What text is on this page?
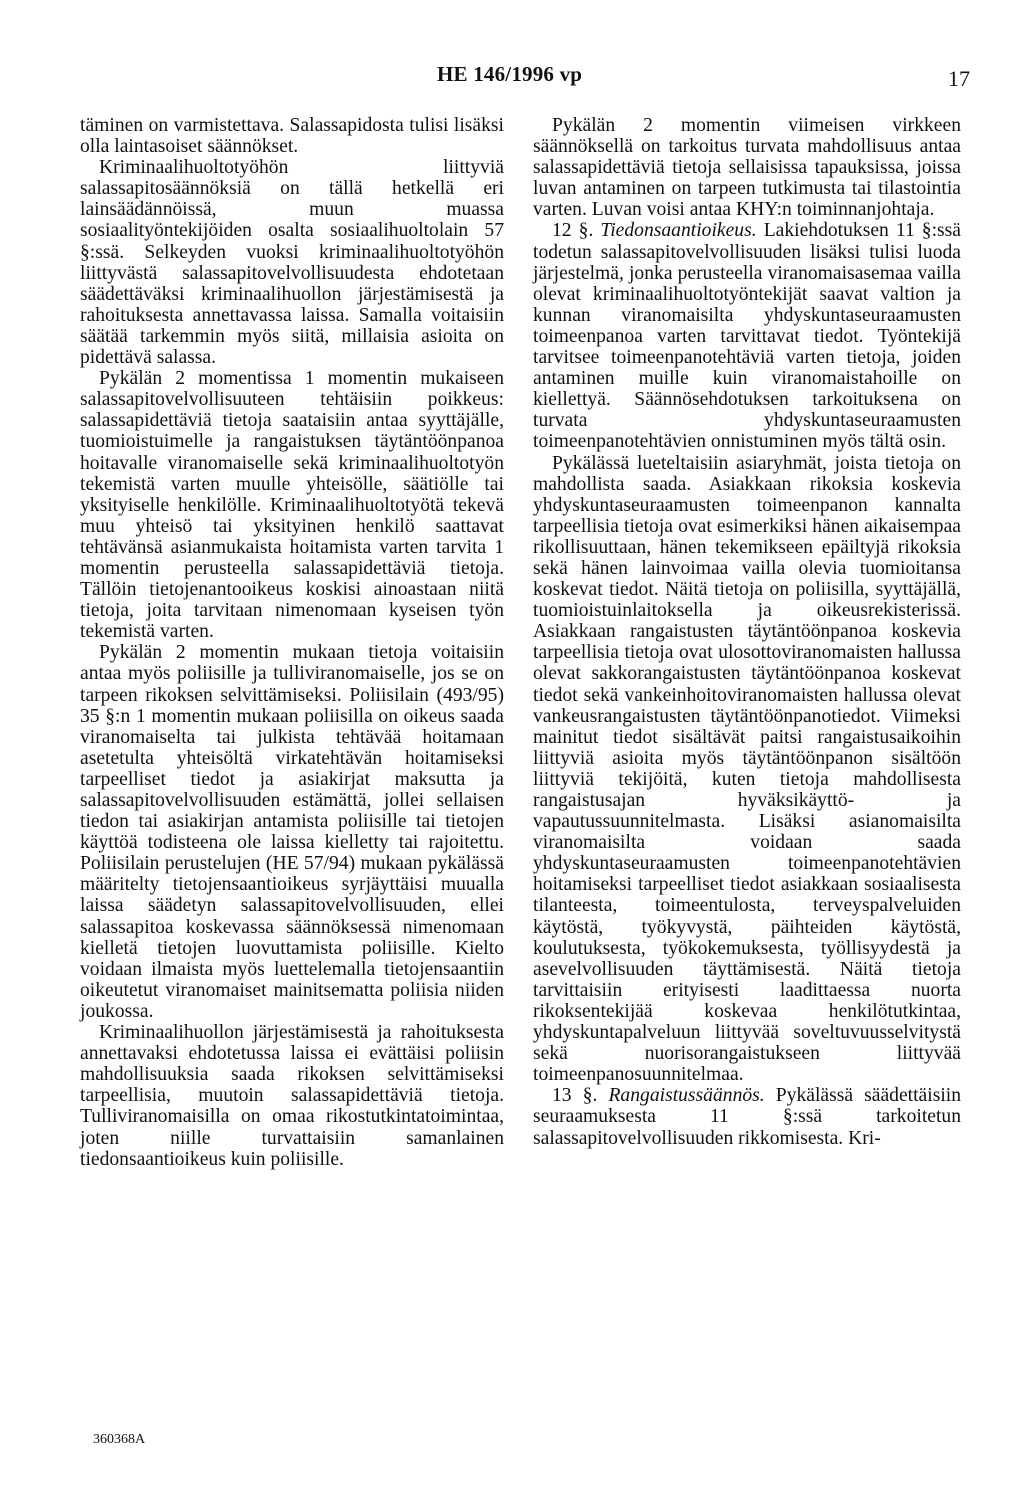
HE 146/1996 vp	17

täminen on varmistettava. Salassapidosta tulisi lisäksi olla laintasoiset säännökset.

Kriminaalihuoltotyöhön liittyviä salassapitosäännöksiä on tällä hetkellä eri lainsäädännöissä, muun muassa sosiaalityöntekijöiden osalta sosiaalihuoltolain 57 §:ssä. Selkeyden vuoksi kriminaalihuoltotyöhön liittyvästä salassapitovelvollisuudesta ehdotetaan säädettäväksi kriminaalihuollon järjestämisestä ja rahoituksesta annettavassa laissa. Samalla voitaisiin säätää tarkemmin myös siitä, millaisia asioita on pidettävä salassa.

Pykälän 2 momentissa 1 momentin mukaiseen salassapitovelvollisuuteen tehtäisiin poikkeus: salassapidettäviä tietoja saataisiin antaa syyttäjälle, tuomioistuimelle ja rangaistuksen täytäntöönpanoa hoitavalle viranomaiselle sekä kriminaalihuoltotyön tekemistä varten muulle yhteisölle, säätiölle tai yksityiselle henkilölle. Kriminaalihuoltotyötä tekevä muu yhteisö tai yksityinen henkilö saattavat tehtävänsä asianmukaista hoitamista varten tarvita 1 momentin perusteella salassapidettäviä tietoja. Tällöin tietojenantooikeus koskisi ainoastaan niitä tietoja, joita tarvitaan nimenomaan kyseisen työn tekemistä varten.

Pykälän 2 momentin mukaan tietoja voitaisiin antaa myös poliisille ja tulliviranomaiselle, jos se on tarpeen rikoksen selvittämiseksi. Poliisilain (493/95) 35 §:n 1 momentin mukaan poliisilla on oikeus saada viranomaiselta tai julkista tehtävää hoitamaan asetetulta yhteisöltä virkatehtävän hoitamiseksi tarpeelliset tiedot ja asiakirjat maksutta ja salassapitovelvollisuuden estämättä, jollei sellaisen tiedon tai asiakirjan antamista poliisille tai tietojen käyttöä todisteena ole laissa kielletty tai rajoitettu. Poliisilain perustelujen (HE 57/94) mukaan pykälässä määritelty tietojensaantioikeus syrjäyttäisi muualla laissa säädetyn salassapitovelvollisuuden, ellei salassapitoa koskevassa säännöksessä nimenomaan kielletä tietojen luovuttamista poliisille. Kielto voidaan ilmaista myös luettelemalla tietojensaantiin oikeutetut viranomaiset mainitsematta poliisia niiden joukossa.

Kriminaalihuollon järjestämisestä ja rahoituksesta annettavaksi ehdotetussa laissa ei evättäisi poliisin mahdollisuuksia saada rikoksen selvittämiseksi tarpeellisia, muutoin salassapidettäviä tietoja. Tulliviranomaisilla on omaa rikostutkintatoimintaa, joten niille turvattaisiin samanlainen tiedonsaantioikeus kuin poliisille.

Pykälän 2 momentin viimeisen virkkeen säännöksellä on tarkoitus turvata mahdollisuus antaa salassapidettäviä tietoja sellaisissa tapauksissa, joissa luvan antaminen on tarpeen tutkimusta tai tilastointia varten. Luvan voisi antaa KHY:n toiminnanjohtaja.

12 §. Tiedonsaantioikeus. Lakiehdotuksen 11 §:ssä todetun salassapitovelvollisuuden lisäksi tulisi luoda järjestelmä, jonka perusteella viranomaisasemaa vailla olevat kriminaalihuoltotyöntekijät saavat valtion ja kunnan viranomaisilta yhdyskuntaseuraamusten toimeenpanoa varten tarvittavat tiedot. Työntekijä tarvitsee toimeenpanotehtäviä varten tietoja, joiden antaminen muille kuin viranomaistahoille on kiellettyä. Säännösehdotuksen tarkoituksena on turvata yhdyskuntaseuraamusten toimeenpanotehtävien onnistuminen myös tältä osin.

Pykälässä lueteltaisiin asiaryhmät, joista tietoja on mahdollista saada. Asiakkaan rikoksia koskevia yhdyskuntaseuraamusten toimeenpanon kannalta tarpeellisia tietoja ovat esimerkiksi hänen aikaisempaa rikollisuuttaan, hänen tekemikseen epäiltyjä rikoksia sekä hänen lainvoimaa vailla olevia tuomioitansa koskevat tiedot. Näitä tietoja on poliisilla, syyttäjällä, tuomioistuinlaitoksella ja oikeusrekisterissä. Asiakkaan rangaistusten täytäntöönpanoa koskevia tarpeellisia tietoja ovat ulosottoviranomaisten hallussa olevat sakkorangaistusten täytäntöönpanoa koskevat tiedot sekä vankeinhoitoviranomaisten hallussa olevat vankeusrangaistusten täytäntöönpanotiedot. Viimeksi mainitut tiedot sisältävät paitsi rangaistusaikoihin liittyviä asioita myös täytäntöönpanon sisältöön liittyviä tekijöitä, kuten tietoja mahdollisesta rangaistusajan hyväksikäyttö- ja vapautussuunnitelmasta. Lisäksi asianomaisilta viranomaisilta voidaan saada yhdyskuntaseuraamusten toimeenpanotehtävien hoitamiseksi tarpeelliset tiedot asiakkaan sosiaalisesta tilanteesta, toimeentulosta, terveyspalveluiden käytöstä, työkyvystä, päihteiden käytöstä, koulutuksesta, työkokemuksesta, työllisyydestä ja asevelvollisuuden täyttämisestä. Näitä tietoja tarvittaisiin erityisesti laadittaessa nuorta rikoksentekijää koskevaa henkilötutkintaa, yhdyskuntapalveluun liittyvää soveltuvuusselvitystä sekä nuorisorangaistukseen liittyvää toimeenpanosuunnitelmaa.

13 §. Rangaistussäännös. Pykälässä säädettäisiin seuraamuksesta 11 §:ssä tarkoitetun salassapitovelvollisuuden rikkomisesta. Kri-

360368A
